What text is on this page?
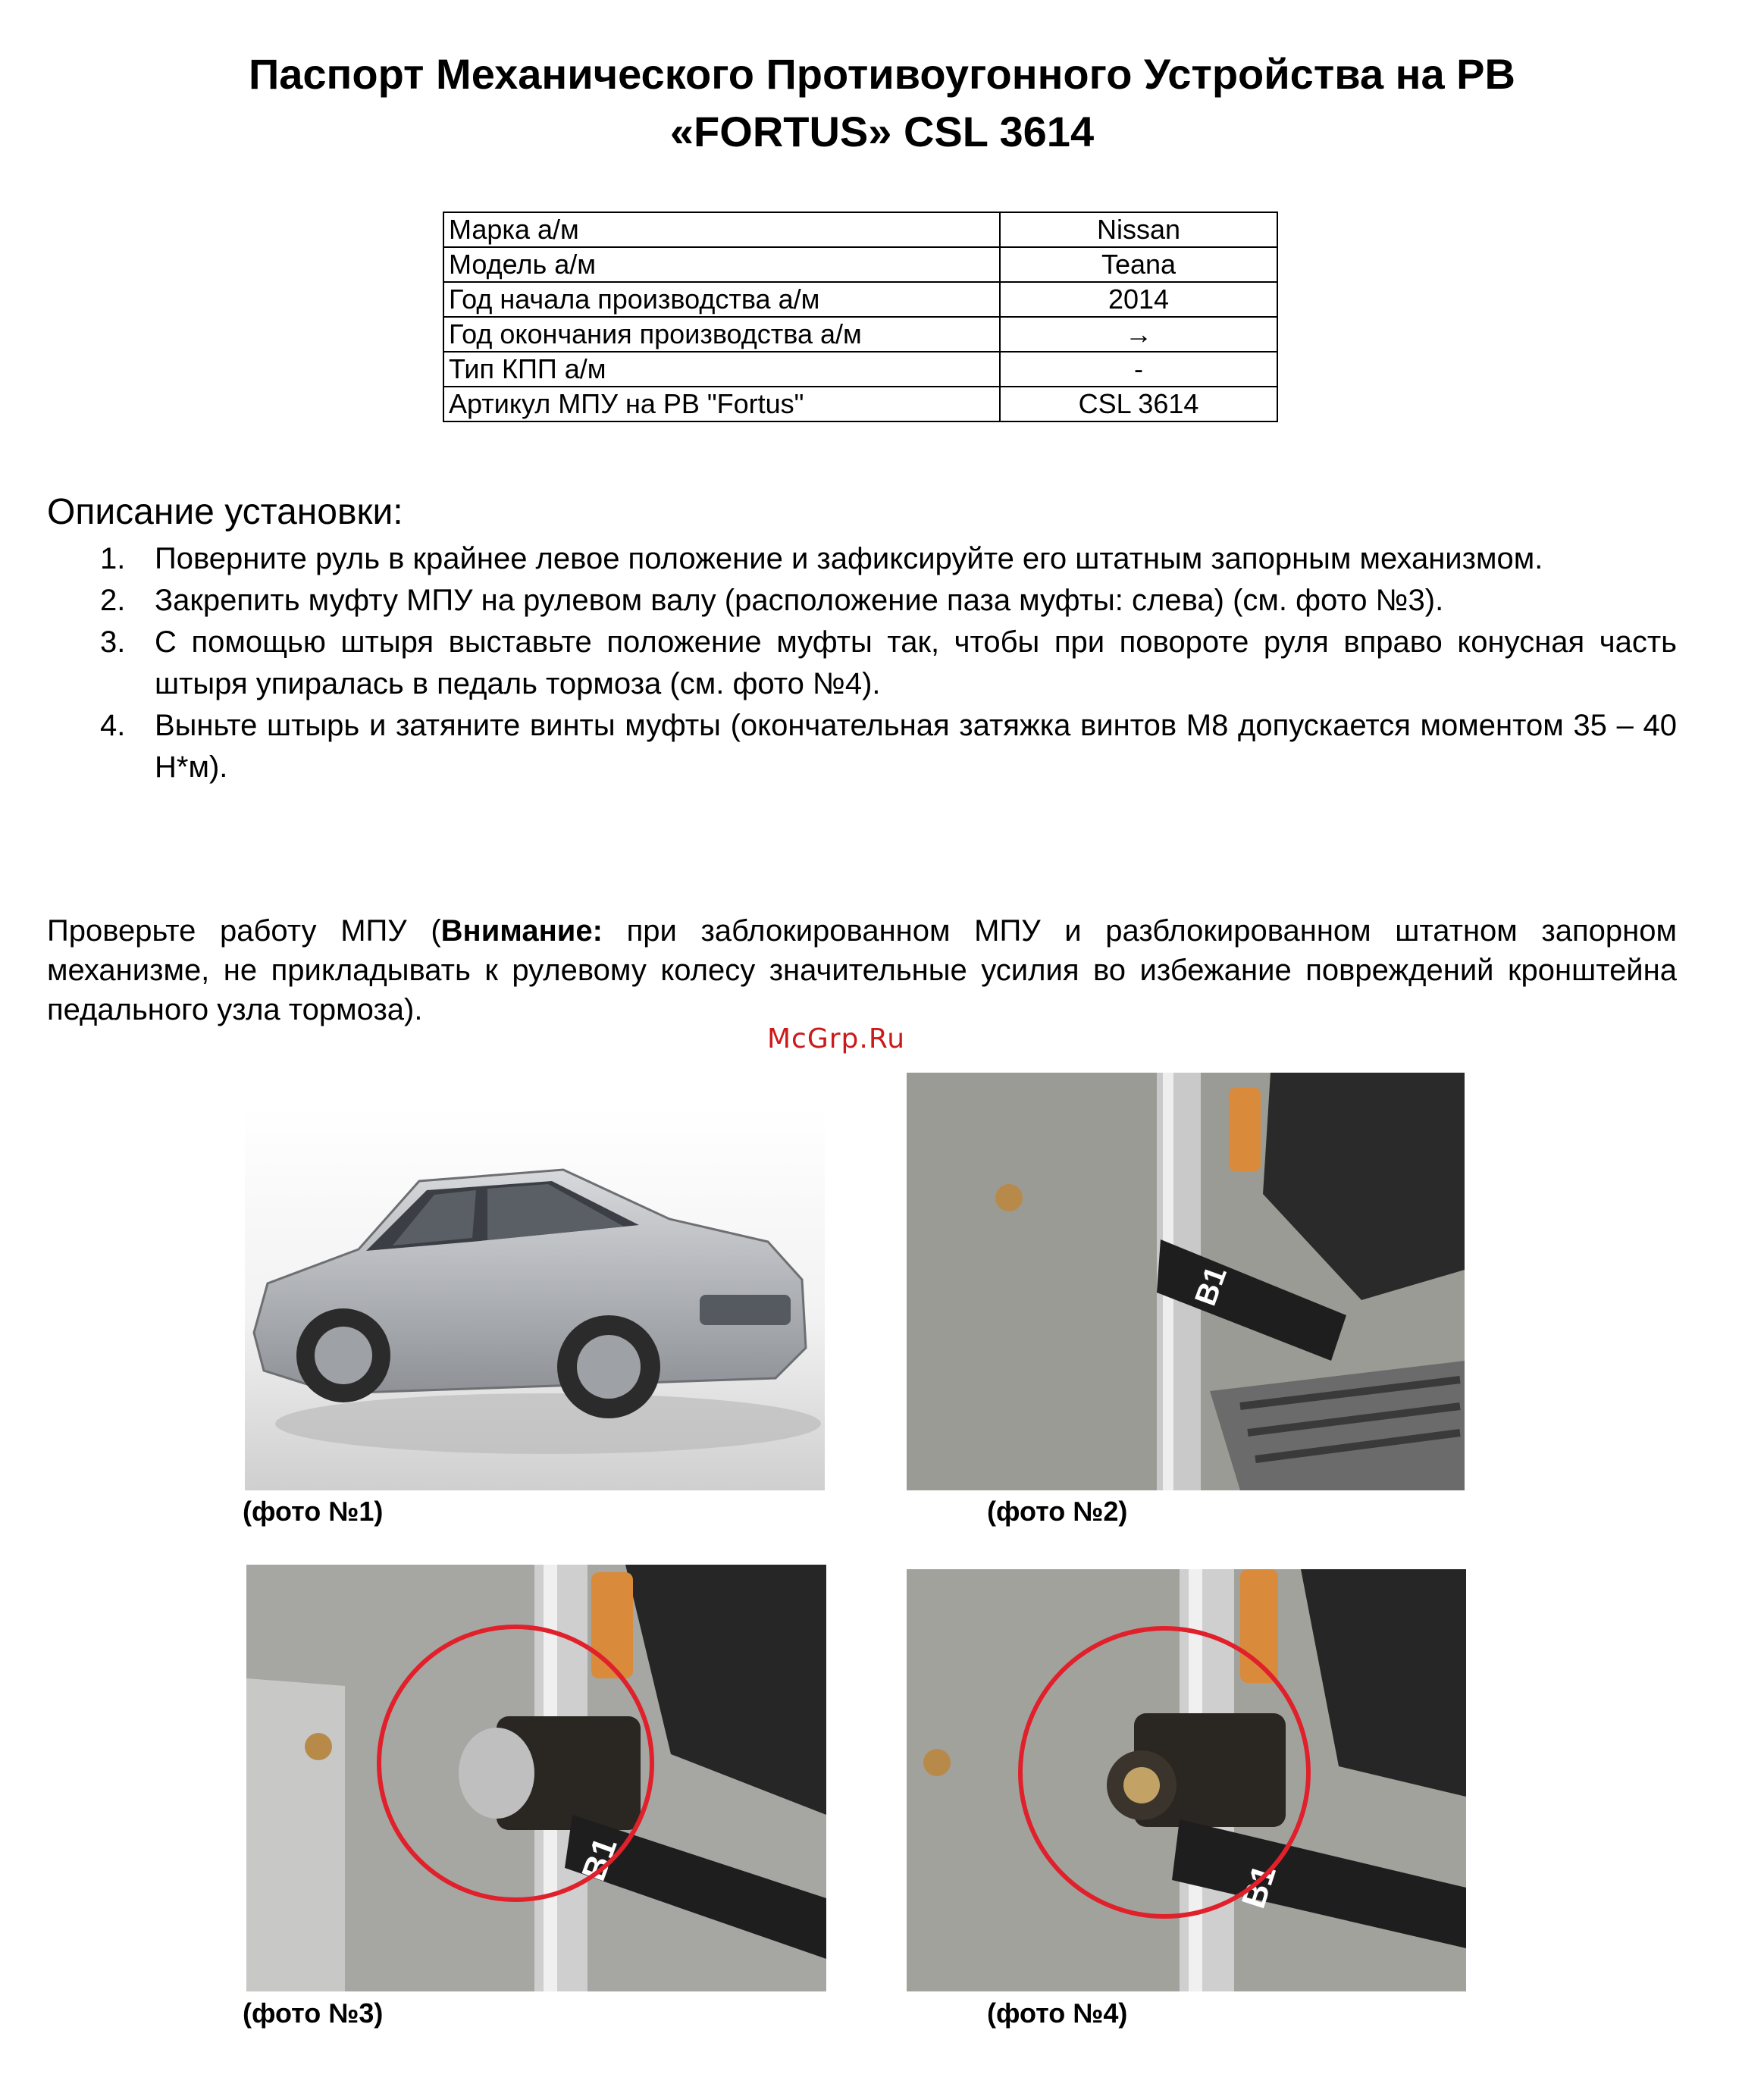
Паспорт Механического Противоугонного Устройства на РВ
«FORTUS» CSL 3614
Марка а/м	Nissan
Модель а/м	Teana
Год начала производства а/м	2014
Год окончания производства а/м	→
Тип КПП а/м	-
Артикул МПУ на РВ "Fortus"	CSL 3614
Описание установки:
1. Поверните руль в крайнее левое положение и зафиксируйте его штатным запорным механизмом.
2. Закрепить муфту МПУ на рулевом валу (расположение паза муфты: слева) (см. фото №3).
3. С помощью штыря выставьте положение муфты так, чтобы при повороте руля вправо конусная часть штыря упиралась в педаль тормоза (см. фото №4).
4. Выньте штырь и затяните винты муфты (окончательная затяжка винтов М8 допускается моментом 35 – 40 Н*м).
Проверьте работу МПУ (Внимание: при заблокированном МПУ и разблокированном штатном запорном механизме, не прикладывать к рулевому колесу значительные усилия во избежание повреждений кронштейна педального узла тормоза).
McGrp.Ru
(фото №1)
B1
(фото №2)
B1
(фото №3)
B1
(фото №4)
